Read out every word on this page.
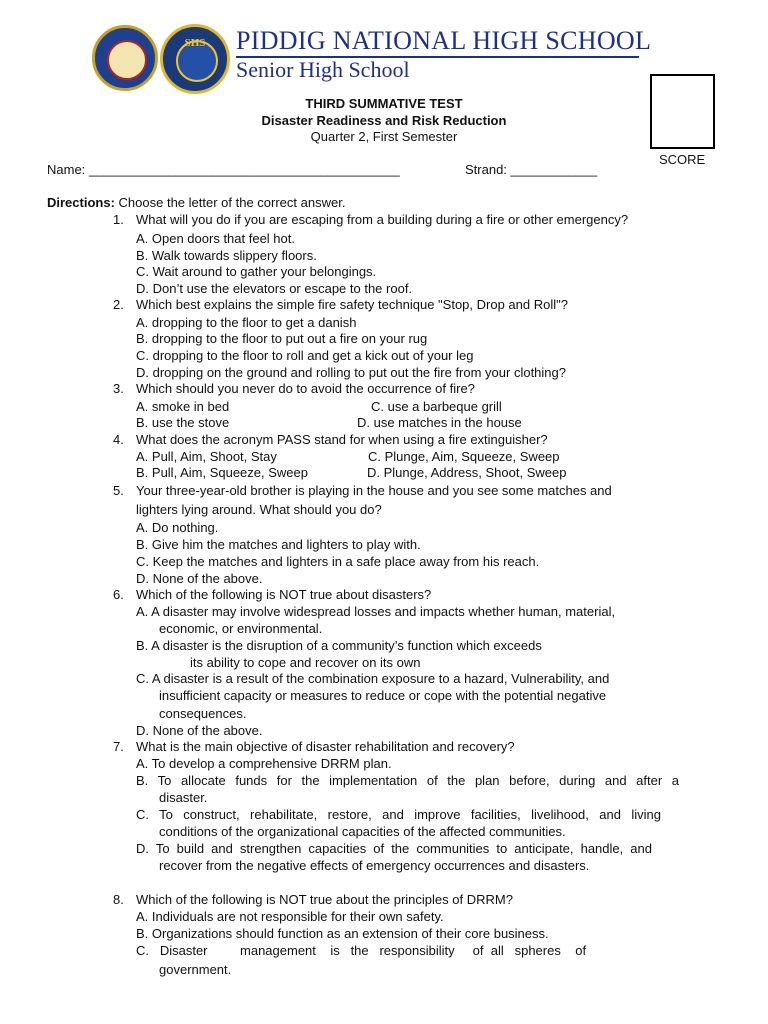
SHS	PIDDIG NATIONAL HIGH SCHOOL
Senior High School
SCORE
THIRD SUMMATIVE TEST
Disaster Readiness and Risk Reduction
Quarter 2, First Semester
Name: ___________________________________________	Strand: ____________
Directions: Choose the letter of the correct answer.
1. What will you do if you are escaping from a building during a fire or other emergency?
A. Open doors that feel hot.
B. Walk towards slippery floors.
C. Wait around to gather your belongings.
D. Don’t use the elevators or escape to the roof.
2. Which best explains the simple fire safety technique "Stop, Drop and Roll"?
A. dropping to the floor to get a danish
B. dropping to the floor to put out a fire on your rug
C. dropping to the floor to roll and get a kick out of your leg
D. dropping on the ground and rolling to put out the fire from your clothing?
3. Which should you never do to avoid the occurrence of fire?
A. smoke in bed	C. use a barbeque grill
B. use the stove	D. use matches in the house
4. What does the acronym PASS stand for when using a fire extinguisher?
A. Pull, Aim, Shoot, Stay	C. Plunge, Aim, Squeeze, Sweep
B. Pull, Aim, Squeeze, Sweep	D. Plunge, Address, Shoot, Sweep
5. Your three-year-old brother is playing in the house and you see some matches and
lighters lying around. What should you do?
A. Do nothing.
B. Give him the matches and lighters to play with.
C. Keep the matches and lighters in a safe place away from his reach.
D. None of the above.
6. Which of the following is NOT true about disasters?
A. A disaster may involve widespread losses and impacts whether human, material,
economic, or environmental.
B. A disaster is the disruption of a community’s function which exceeds
its ability to cope and recover on its own
C. A disaster is a result of the combination exposure to a hazard, Vulnerability, and
insufficient capacity or measures to reduce or cope with the potential negative
consequences.
D. None of the above.
7. What is the main objective of disaster rehabilitation and recovery?
A. To develop a comprehensive DRRM plan.
B. To allocate funds for the implementation of the plan before, during and after a
disaster.
C. To construct, rehabilitate, restore, and improve facilities, livelihood, and living
conditions of the organizational capacities of the affected communities.
D. To build and strengthen capacities of the communities to anticipate, handle, and
recover from the negative effects of emergency occurrences and disasters.
8. Which of the following is NOT true about the principles of DRRM?
A. Individuals are not responsible for their own safety.
B. Organizations should function as an extension of their core business.
C.   Disaster         management    is   the   responsibility     of  all   spheres    of
government.
